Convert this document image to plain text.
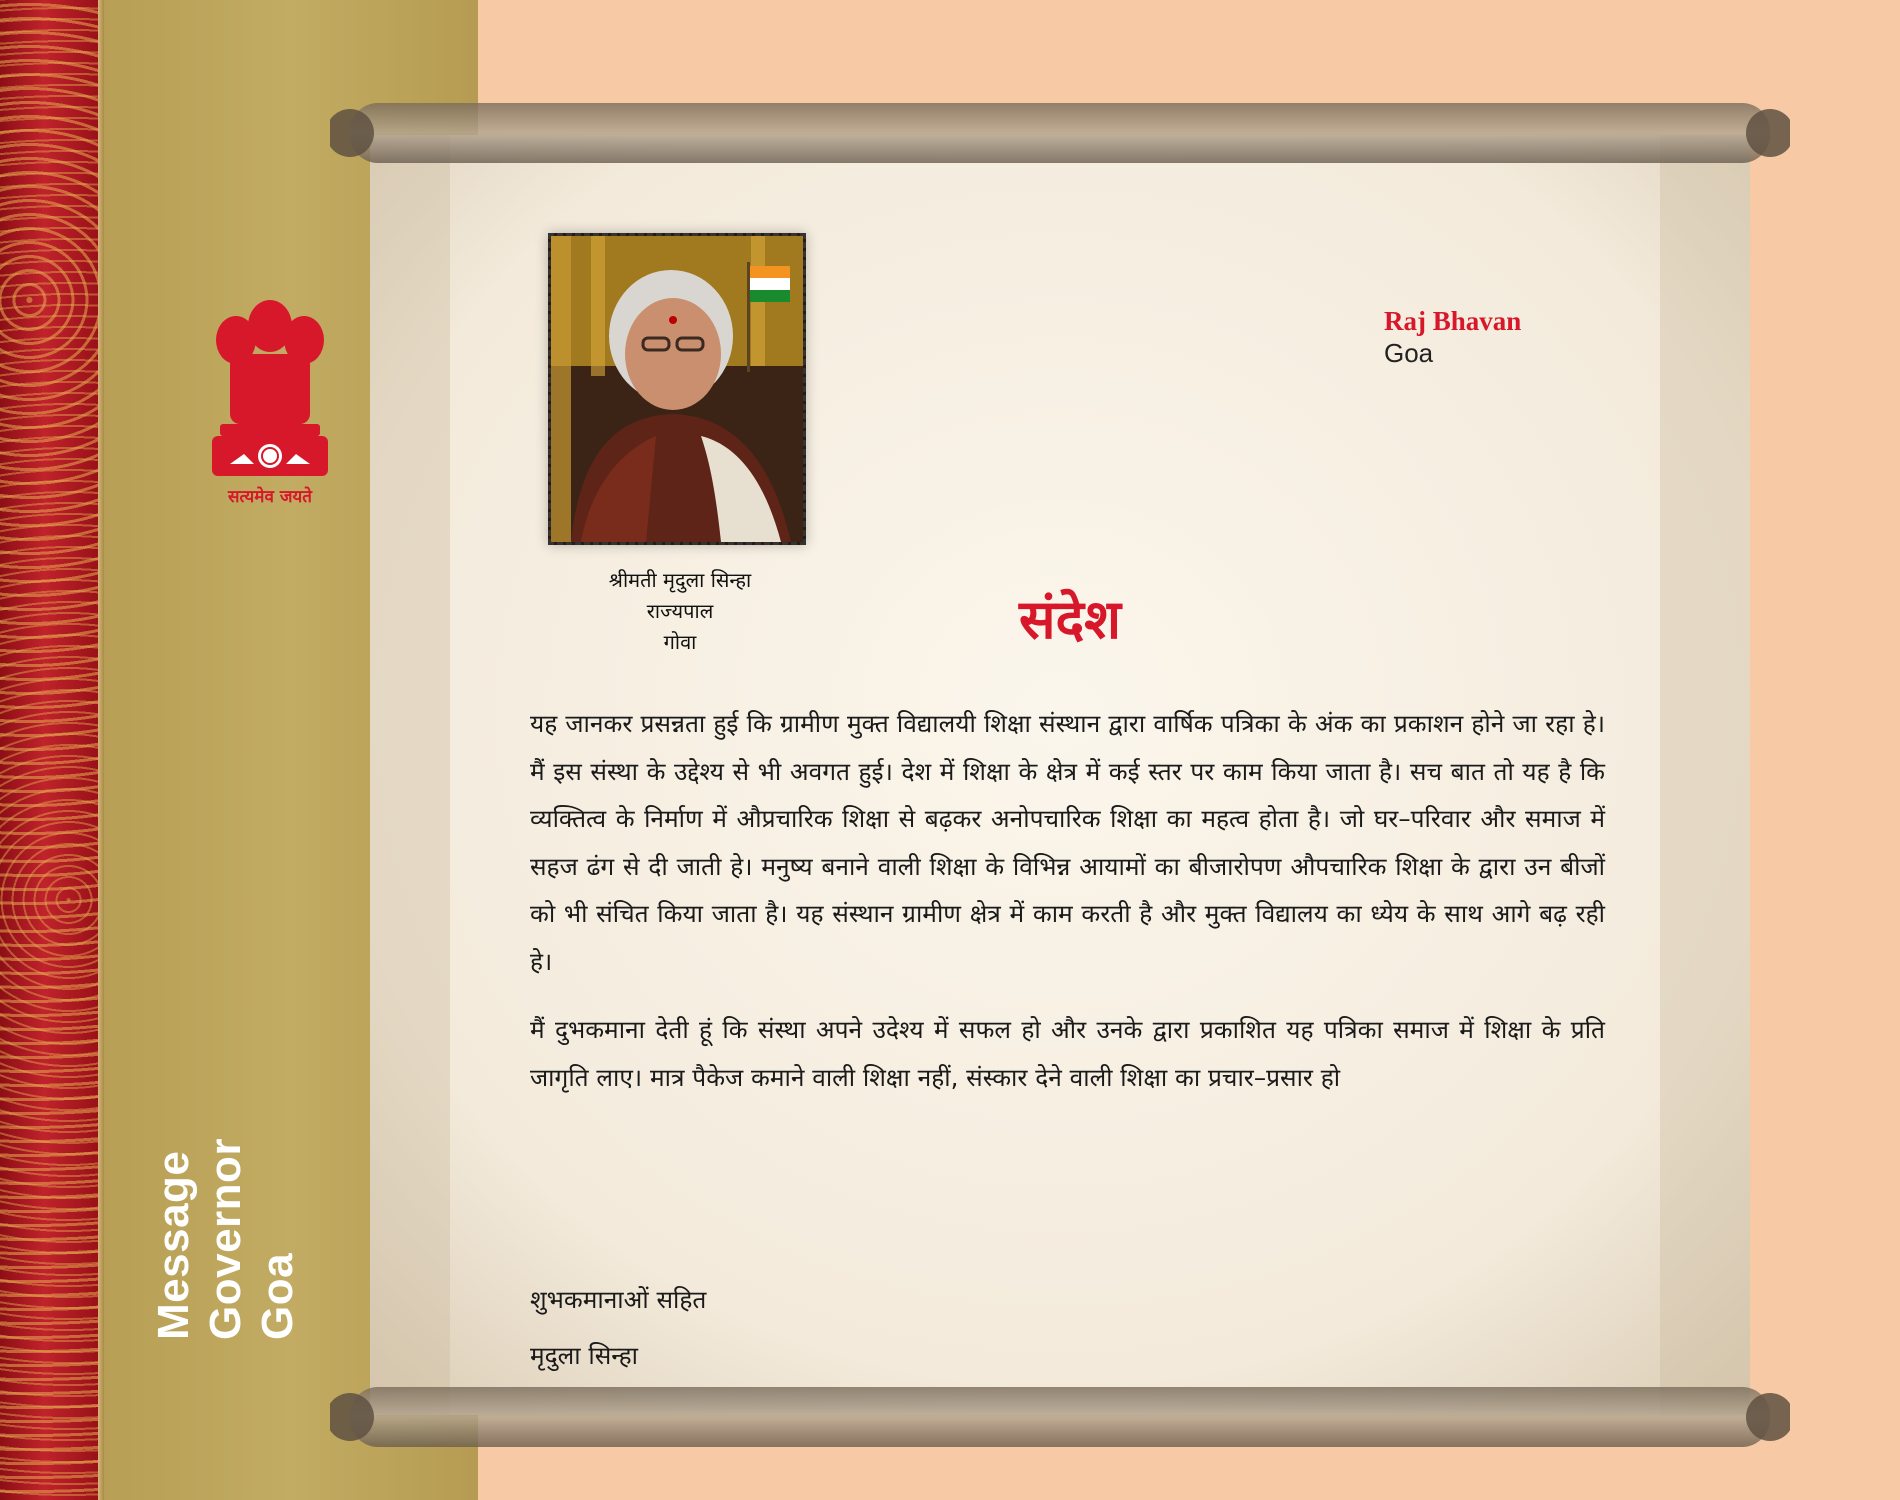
सत्यमेव जयते
Message Governor Goa
श्रीमती मृदुला सिन्हा
राज्यपाल
गोवा
Raj Bhavan
Goa
संदेश

यह जानकर प्रसन्नता हुई कि ग्रामीण मुक्त विद्यालयी शिक्षा संस्थान द्वारा वार्षिक पत्रिका के अंक का प्रकाशन होने जा रहा हे। मैं इस संस्था के उद्देश्य से भी अवगत हुई। देश में शिक्षा के क्षेत्र में कई स्तर पर काम किया जाता है। सच बात तो यह है कि व्यक्तित्व के निर्माण में औप्रचारिक शिक्षा से बढ़कर अनोपचारिक शिक्षा का महत्व होता है। जो घर–परिवार और समाज में सहज ढंग से दी जाती हे। मनुष्य बनाने वाली शिक्षा के विभिन्न आयामों का बीजारोपण औपचारिक शिक्षा के द्वारा उन बीजों को भी संचित किया जाता है। यह संस्थान ग्रामीण क्षेत्र में काम करती है और मुक्त विद्यालय का ध्येय के साथ आगे बढ़ रही हे।

मैं दुभकमाना देती हूं कि संस्था अपने उदेश्य में सफल हो और उनके द्वारा प्रकाशित यह पत्रिका समाज में शिक्षा के प्रति जागृति लाए। मात्र पैकेज कमाने वाली शिक्षा नहीं, संस्कार देने वाली शिक्षा का प्रचार–प्रसार हो

शुभकमानाओं सहित
मृदुला सिन्हा
